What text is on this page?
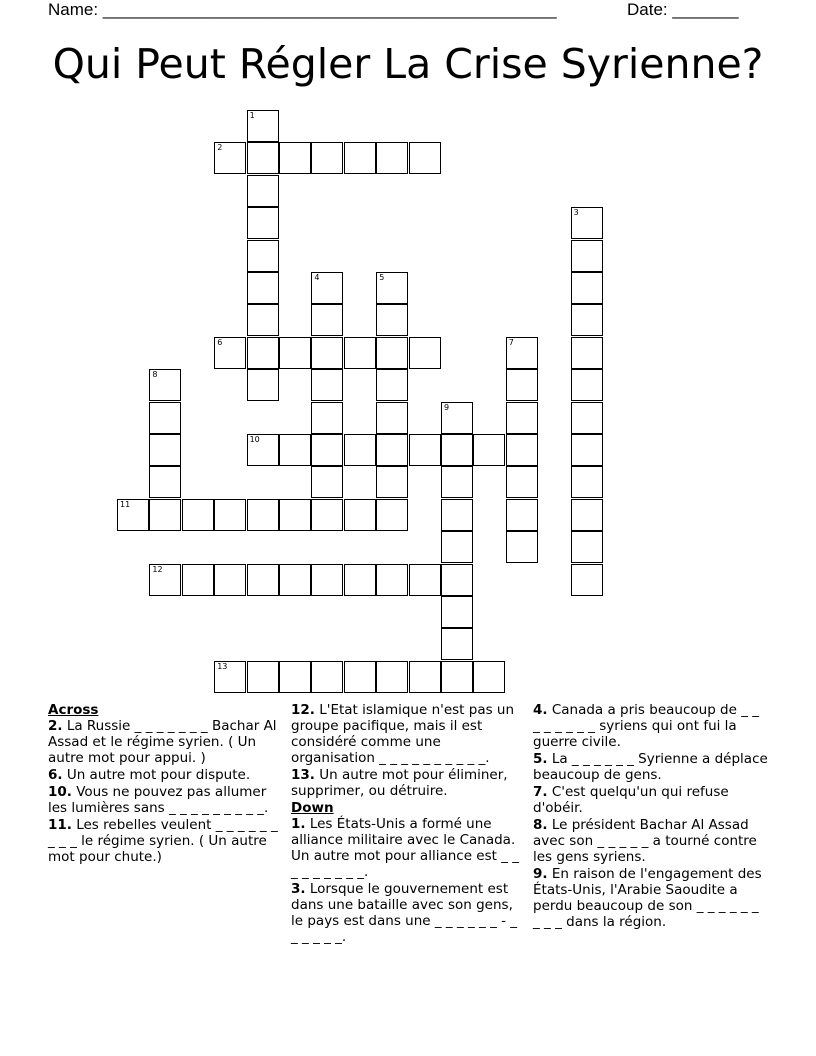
Name: ________________________________________________	Date: _______
Qui Peut Régler La Crise Syrienne?
1
2
3
4	5
6	7
8
9
10
11
12
13
Across
2. La Russie _ _ _ _ _ _ _ Bachar Al Assad et le régime syrien. ( Un autre mot pour appui. )
6. Un autre mot pour dispute.
10. Vous ne pouvez pas allumer les lumières sans _ _ _ _ _ _ _ _ _.
11. Les rebelles veulent _ _ _ _ _ _ _ _ _ le régime syrien. ( Un autre mot pour chute.)
12. L'Etat islamique n'est pas un groupe pacifique, mais il est considéré comme une organisation _ _ _ _ _ _ _ _ _ _.
13. Un autre mot pour éliminer, supprimer, ou détruire.
Down
1. Les États-Unis a formé une alliance militaire avec le Canada. Un autre mot pour alliance est _ _ _ _ _ _ _ _ _.
3. Lorsque le gouvernement est dans une bataille avec son gens, le pays est dans une _ _ _ _ _ _ - _ _ _ _ _ _.
4. Canada a pris beaucoup de _ _ _ _ _ _ _ _ syriens qui ont fui la guerre civile.
5. La _ _ _ _ _ _ Syrienne a déplace beaucoup de gens.
7. C'est quelqu'un qui refuse d'obéir.
8. Le président Bachar Al Assad avec son _ _ _ _ _ a tourné contre les gens syriens.
9. En raison de l'engagement des États-Unis, l'Arabie Saoudite a perdu beaucoup de son _ _ _ _ _ _ _ _ _ dans la région.
